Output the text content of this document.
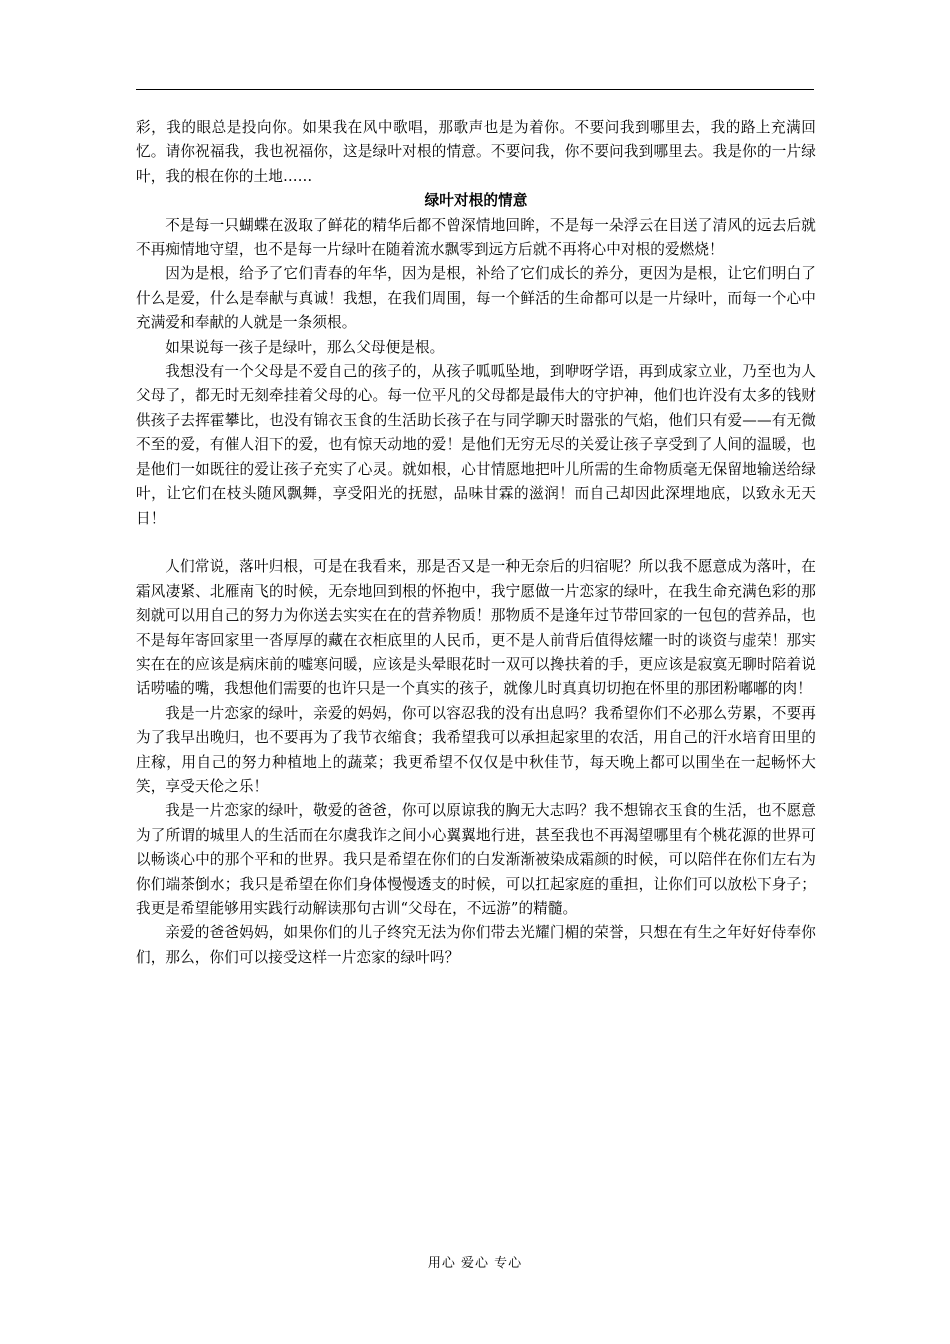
彩，我的眼总是投向你。如果我在风中歌唱，那歌声也是为着你。不要问我到哪里去，我的路上充满回忆。请你祝福我，我也祝福你，这是绿叶对根的情意。不要问我，你不要问我到哪里去。我是你的一片绿叶，我的根在你的土地……

绿叶对根的情意

不是每一只蝴蝶在汲取了鲜花的精华后都不曾深情地回眸，不是每一朵浮云在目送了清风的远去后就不再痴情地守望，也不是每一片绿叶在随着流水飘零到远方后就不再将心中对根的爱燃烧！

因为是根，给予了它们青春的年华，因为是根，补给了它们成长的养分，更因为是根，让它们明白了什么是爱，什么是奉献与真诚！我想，在我们周围，每一个鲜活的生命都可以是一片绿叶，而每一个心中充满爱和奉献的人就是一条须根。

如果说每一孩子是绿叶，那么父母便是根。

我想没有一个父母是不爱自己的孩子的，从孩子呱呱坠地，到咿呀学语，再到成家立业，乃至也为人父母了，都无时无刻牵挂着父母的心。每一位平凡的父母都是最伟大的守护神，他们也许没有太多的钱财供孩子去挥霍攀比，也没有锦衣玉食的生活助长孩子在与同学聊天时嚣张的气焰，他们只有爱——有无微不至的爱，有催人泪下的爱，也有惊天动地的爱！是他们无穷无尽的关爱让孩子享受到了人间的温暖，也是他们一如既往的爱让孩子充实了心灵。就如根，心甘情愿地把叶儿所需的生命物质毫无保留地输送给绿叶，让它们在枝头随风飘舞，享受阳光的抚慰，品味甘霖的滋润！而自己却因此深埋地底，以致永无天日！

人们常说，落叶归根，可是在我看来，那是否又是一种无奈后的归宿呢？所以我不愿意成为落叶，在霜风凄紧、北雁南飞的时候，无奈地回到根的怀抱中，我宁愿做一片恋家的绿叶，在我生命充满色彩的那刻就可以用自己的努力为你送去实实在在的营养物质！那物质不是逢年过节带回家的一包包的营养品，也不是每年寄回家里一沓厚厚的藏在衣柜底里的人民币，更不是人前背后值得炫耀一时的谈资与虚荣！那实实在在的应该是病床前的嘘寒问暖，应该是头晕眼花时一双可以搀扶着的手，更应该是寂寞无聊时陪着说话唠嗑的嘴，我想他们需要的也许只是一个真实的孩子，就像儿时真真切切抱在怀里的那团粉嘟嘟的肉！

我是一片恋家的绿叶，亲爱的妈妈，你可以容忍我的没有出息吗？我希望你们不必那么劳累，不要再为了我早出晚归，也不要再为了我节衣缩食；我希望我可以承担起家里的农活，用自己的汗水培育田里的庄稼，用自己的努力种植地上的蔬菜；我更希望不仅仅是中秋佳节，每天晚上都可以围坐在一起畅怀大笑，享受天伦之乐！

我是一片恋家的绿叶，敬爱的爸爸，你可以原谅我的胸无大志吗？我不想锦衣玉食的生活，也不愿意为了所谓的城里人的生活而在尔虞我诈之间小心翼翼地行进，甚至我也不再渴望哪里有个桃花源的世界可以畅谈心中的那个平和的世界。我只是希望在你们的白发渐渐被染成霜颜的时候，可以陪伴在你们左右为你们端茶倒水；我只是希望在你们身体慢慢透支的时候，可以扛起家庭的重担，让你们可以放松下身子；我更是希望能够用实践行动解读那句古训“父母在，不远游”的精髓。

亲爱的爸爸妈妈，如果你们的儿子终究无法为你们带去光耀门楣的荣誉，只想在有生之年好好侍奉你们，那么，你们可以接受这样一片恋家的绿叶吗？

用心 爱心 专心
